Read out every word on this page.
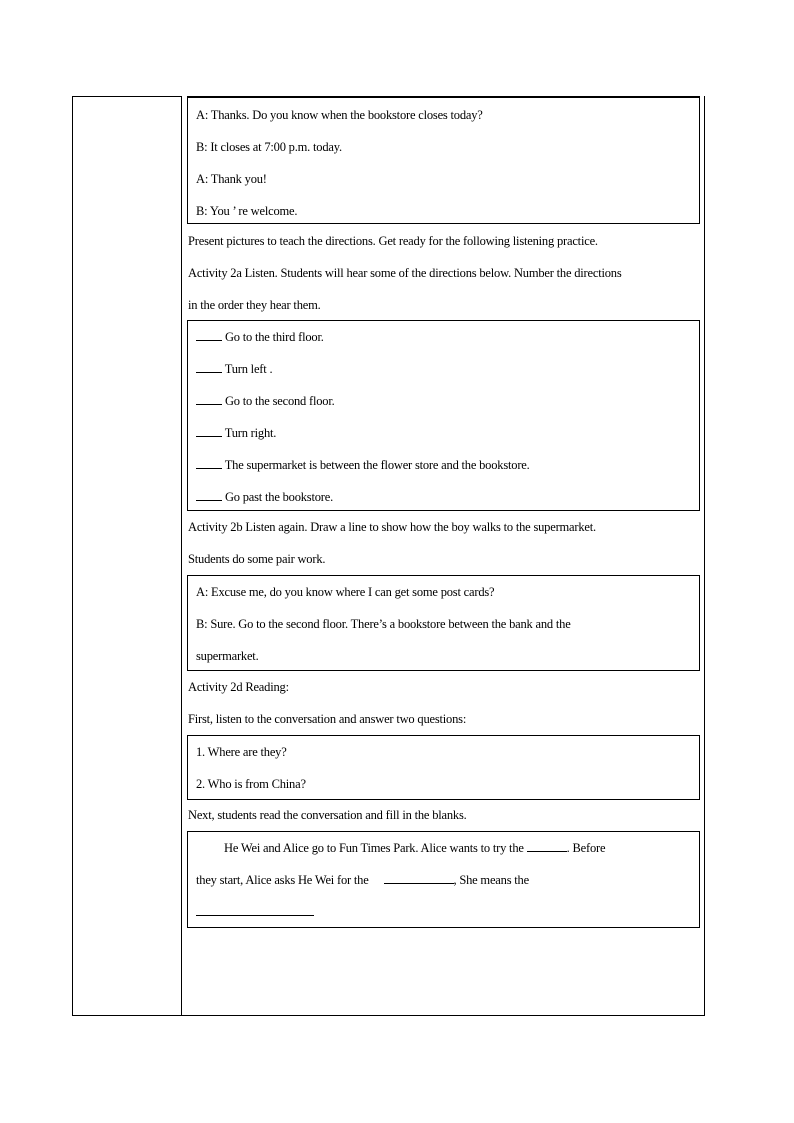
A: Thanks. Do you know when the bookstore closes today?
B: It closes at 7:00 p.m. today.
A: Thank you!
B: You ’ re welcome.
Present pictures to teach the directions. Get ready for the following listening practice.
Activity 2a Listen. Students will hear some of the directions below. Number the directions
in the order they hear them.
Go to the third floor.
Turn left .
Go to the second floor.
Turn right.
The supermarket is between the flower store and the bookstore.
Go past the bookstore.
Activity 2b Listen again. Draw a line to show how the boy walks to the supermarket.
Students do some pair work.
A: Excuse me, do you know where I can get some post cards?
B: Sure. Go to the second floor. There’s a bookstore between the bank and the
supermarket.
Activity 2d Reading:
First, listen to the conversation and answer two questions:
1. Where are they?
2. Who is from China?
Next, students read the conversation and fill in the blanks.
He Wei and Alice go to Fun Times Park. Alice wants to try the	. Before
they start, Alice asks He Wei for the	, She means the
